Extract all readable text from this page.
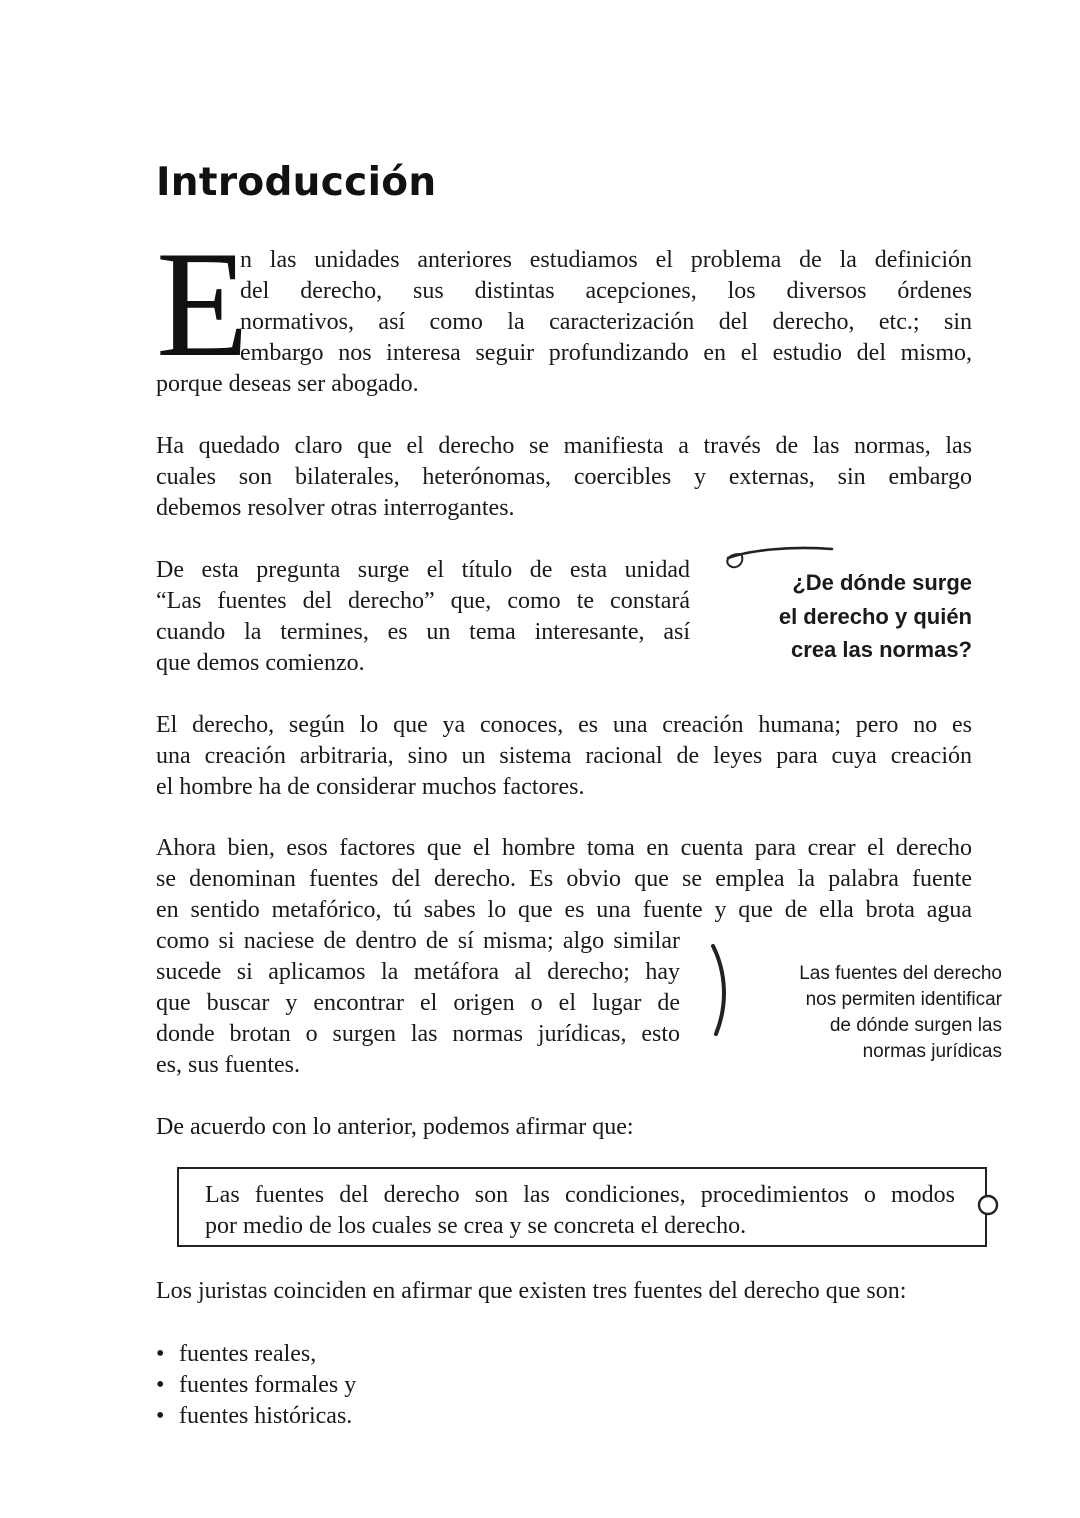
Introducción
E
n las unidades anteriores estudiamos el problema de la definición
del derecho, sus distintas acepciones, los diversos órdenes
normativos, así como la caracterización del derecho, etc.; sin
embargo nos interesa seguir profundizando en el estudio del mismo,

porque deseas ser abogado.

Ha quedado claro que el derecho se manifiesta a través de las normas, las
cuales son bilaterales, heterónomas, coercibles y externas, sin embargo
debemos resolver otras interrogantes.
De esta pregunta surge el título de esta unidad
“Las fuentes del derecho” que, como te constará
cuando la termines, es un tema interesante, así
que demos comienzo.

¿De dónde surge
el derecho y quién
crea las normas?

El derecho, según lo que ya conoces, es una creación humana; pero no es
una creación arbitraria, sino un sistema racional de leyes para cuya creación
el hombre ha de considerar muchos factores.
Ahora bien, esos factores que el hombre toma en cuenta para crear el derecho
se denominan fuentes del derecho. Es obvio que se emplea la palabra fuente
en sentido metafórico, tú sabes lo que es una fuente y que de ella brota agua
como si naciese de dentro de sí misma; algo similar
sucede si aplicamos la metáfora al derecho; hay
que buscar y encontrar el origen o el lugar de
donde brotan o surgen las normas jurídicas, esto
es, sus fuentes.

Las fuentes del derecho
nos permiten identificar
de dónde surgen las
normas jurídicas

De acuerdo con lo anterior, podemos afirmar que:

Las fuentes del derecho son las condiciones, procedimientos o modos
por medio de los cuales se crea y se concreta el derecho.

Los juristas coinciden en afirmar que existen tres fuentes del derecho que son:

• fuentes reales,
• fuentes formales y
• fuentes históricas.
